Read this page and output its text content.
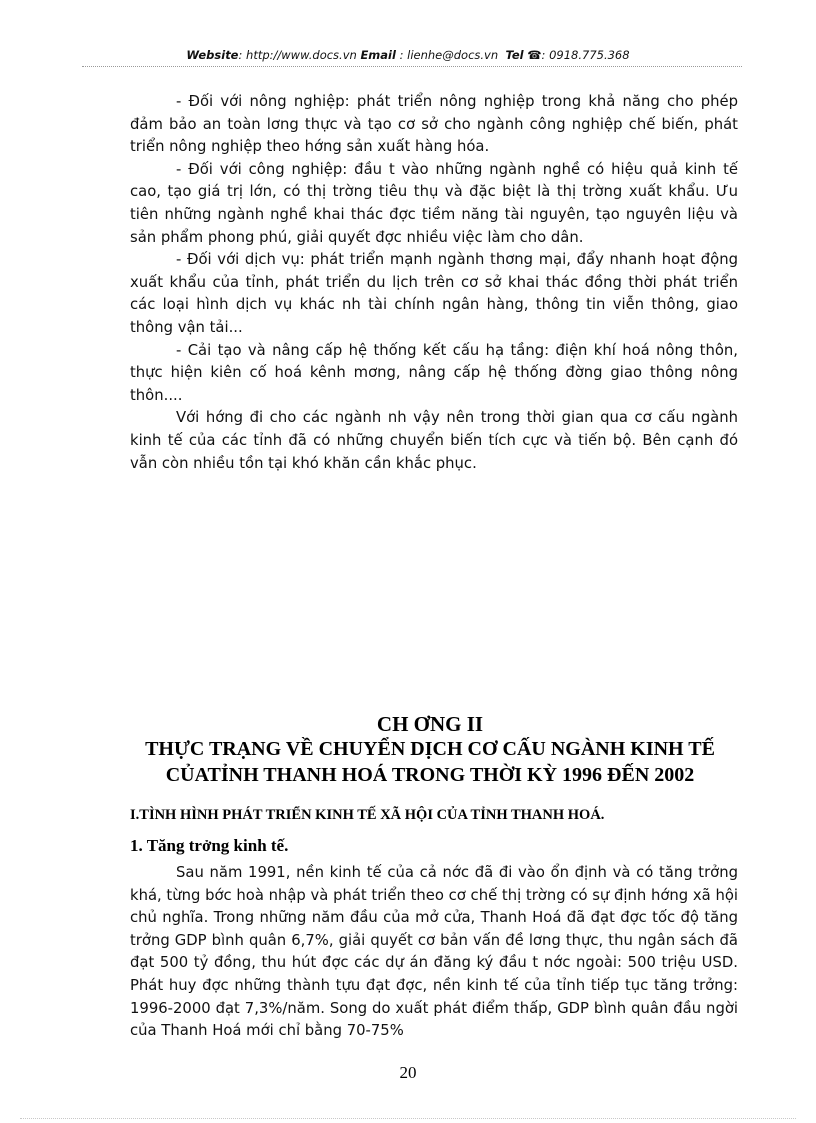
Website: http://www.docs.vn Email : lienhe@docs.vn Tel ☎: 0918.775.368

- Đối với nông nghiệp: phát triển nông nghiệp trong khả năng cho phép đảm bảo an toàn lơng thực và tạo cơ sở cho ngành công nghiệp chế biến, phát triển nông nghiệp theo hớng sản xuất hàng hóa.

- Đối với công nghiệp: đầu t vào những ngành nghề có hiệu quả kinh tế cao, tạo giá trị lớn, có thị trờng tiêu thụ và đặc biệt là thị trờng xuất khẩu. Ưu tiên những ngành nghề khai thác đợc tiềm năng tài nguyên, tạo nguyên liệu và sản phẩm phong phú, giải quyết đợc nhiều việc làm cho dân.

- Đối với dịch vụ: phát triển mạnh ngành thơng mại, đẩy nhanh hoạt động xuất khẩu của tỉnh, phát triển du lịch trên cơ sở khai thác đồng thời phát triển các loại hình dịch vụ khác nh tài chính ngân hàng, thông tin viễn thông, giao thông vận tải...

- Cải tạo và nâng cấp hệ thống kết cấu hạ tầng: điện khí hoá nông thôn, thực hiện kiên cố hoá kênh mơng, nâng cấp hệ thống đờng giao thông nông thôn....

Với hớng đi cho các ngành nh vậy nên trong thời gian qua cơ cấu ngành kinh tế của các tỉnh đã có những chuyển biến tích cực và tiến bộ. Bên cạnh đó vẫn còn nhiều tồn tại khó khăn cần khắc phục.

CH ƠNG II
THỰC TRẠNG VỀ CHUYỂN DỊCH CƠ CẤU NGÀNH KINH TẾ
CỦATỈNH THANH HOÁ TRONG THỜI KỲ 1996 ĐẾN 2002
I.TÌNH HÌNH PHÁT TRIỂN KINH TẾ XÃ HỘI CỦA TỈNH THANH HOÁ.
1. Tăng trởng kinh tế.

Sau năm 1991, nền kinh tế của cả nớc đã đi vào ổn định và có tăng trởng khá, từng bớc hoà nhập và phát triển theo cơ chế thị trờng có sự định hớng xã hội chủ nghĩa. Trong những năm đầu của mở cửa, Thanh Hoá đã đạt đợc tốc độ tăng trởng GDP bình quân 6,7%, giải quyết cơ bản vấn đề lơng thực, thu ngân sách đã đạt 500 tỷ đồng, thu hút đợc các dự án đăng ký đầu t nớc ngoài: 500 triệu USD. Phát huy đợc những thành tựu đạt đợc, nền kinh tế của tỉnh tiếp tục tăng trởng: 1996-2000 đạt 7,3%/năm. Song do xuất phát điểm thấp, GDP bình quân đầu ngời của Thanh Hoá mới chỉ bằng 70-75%

20
